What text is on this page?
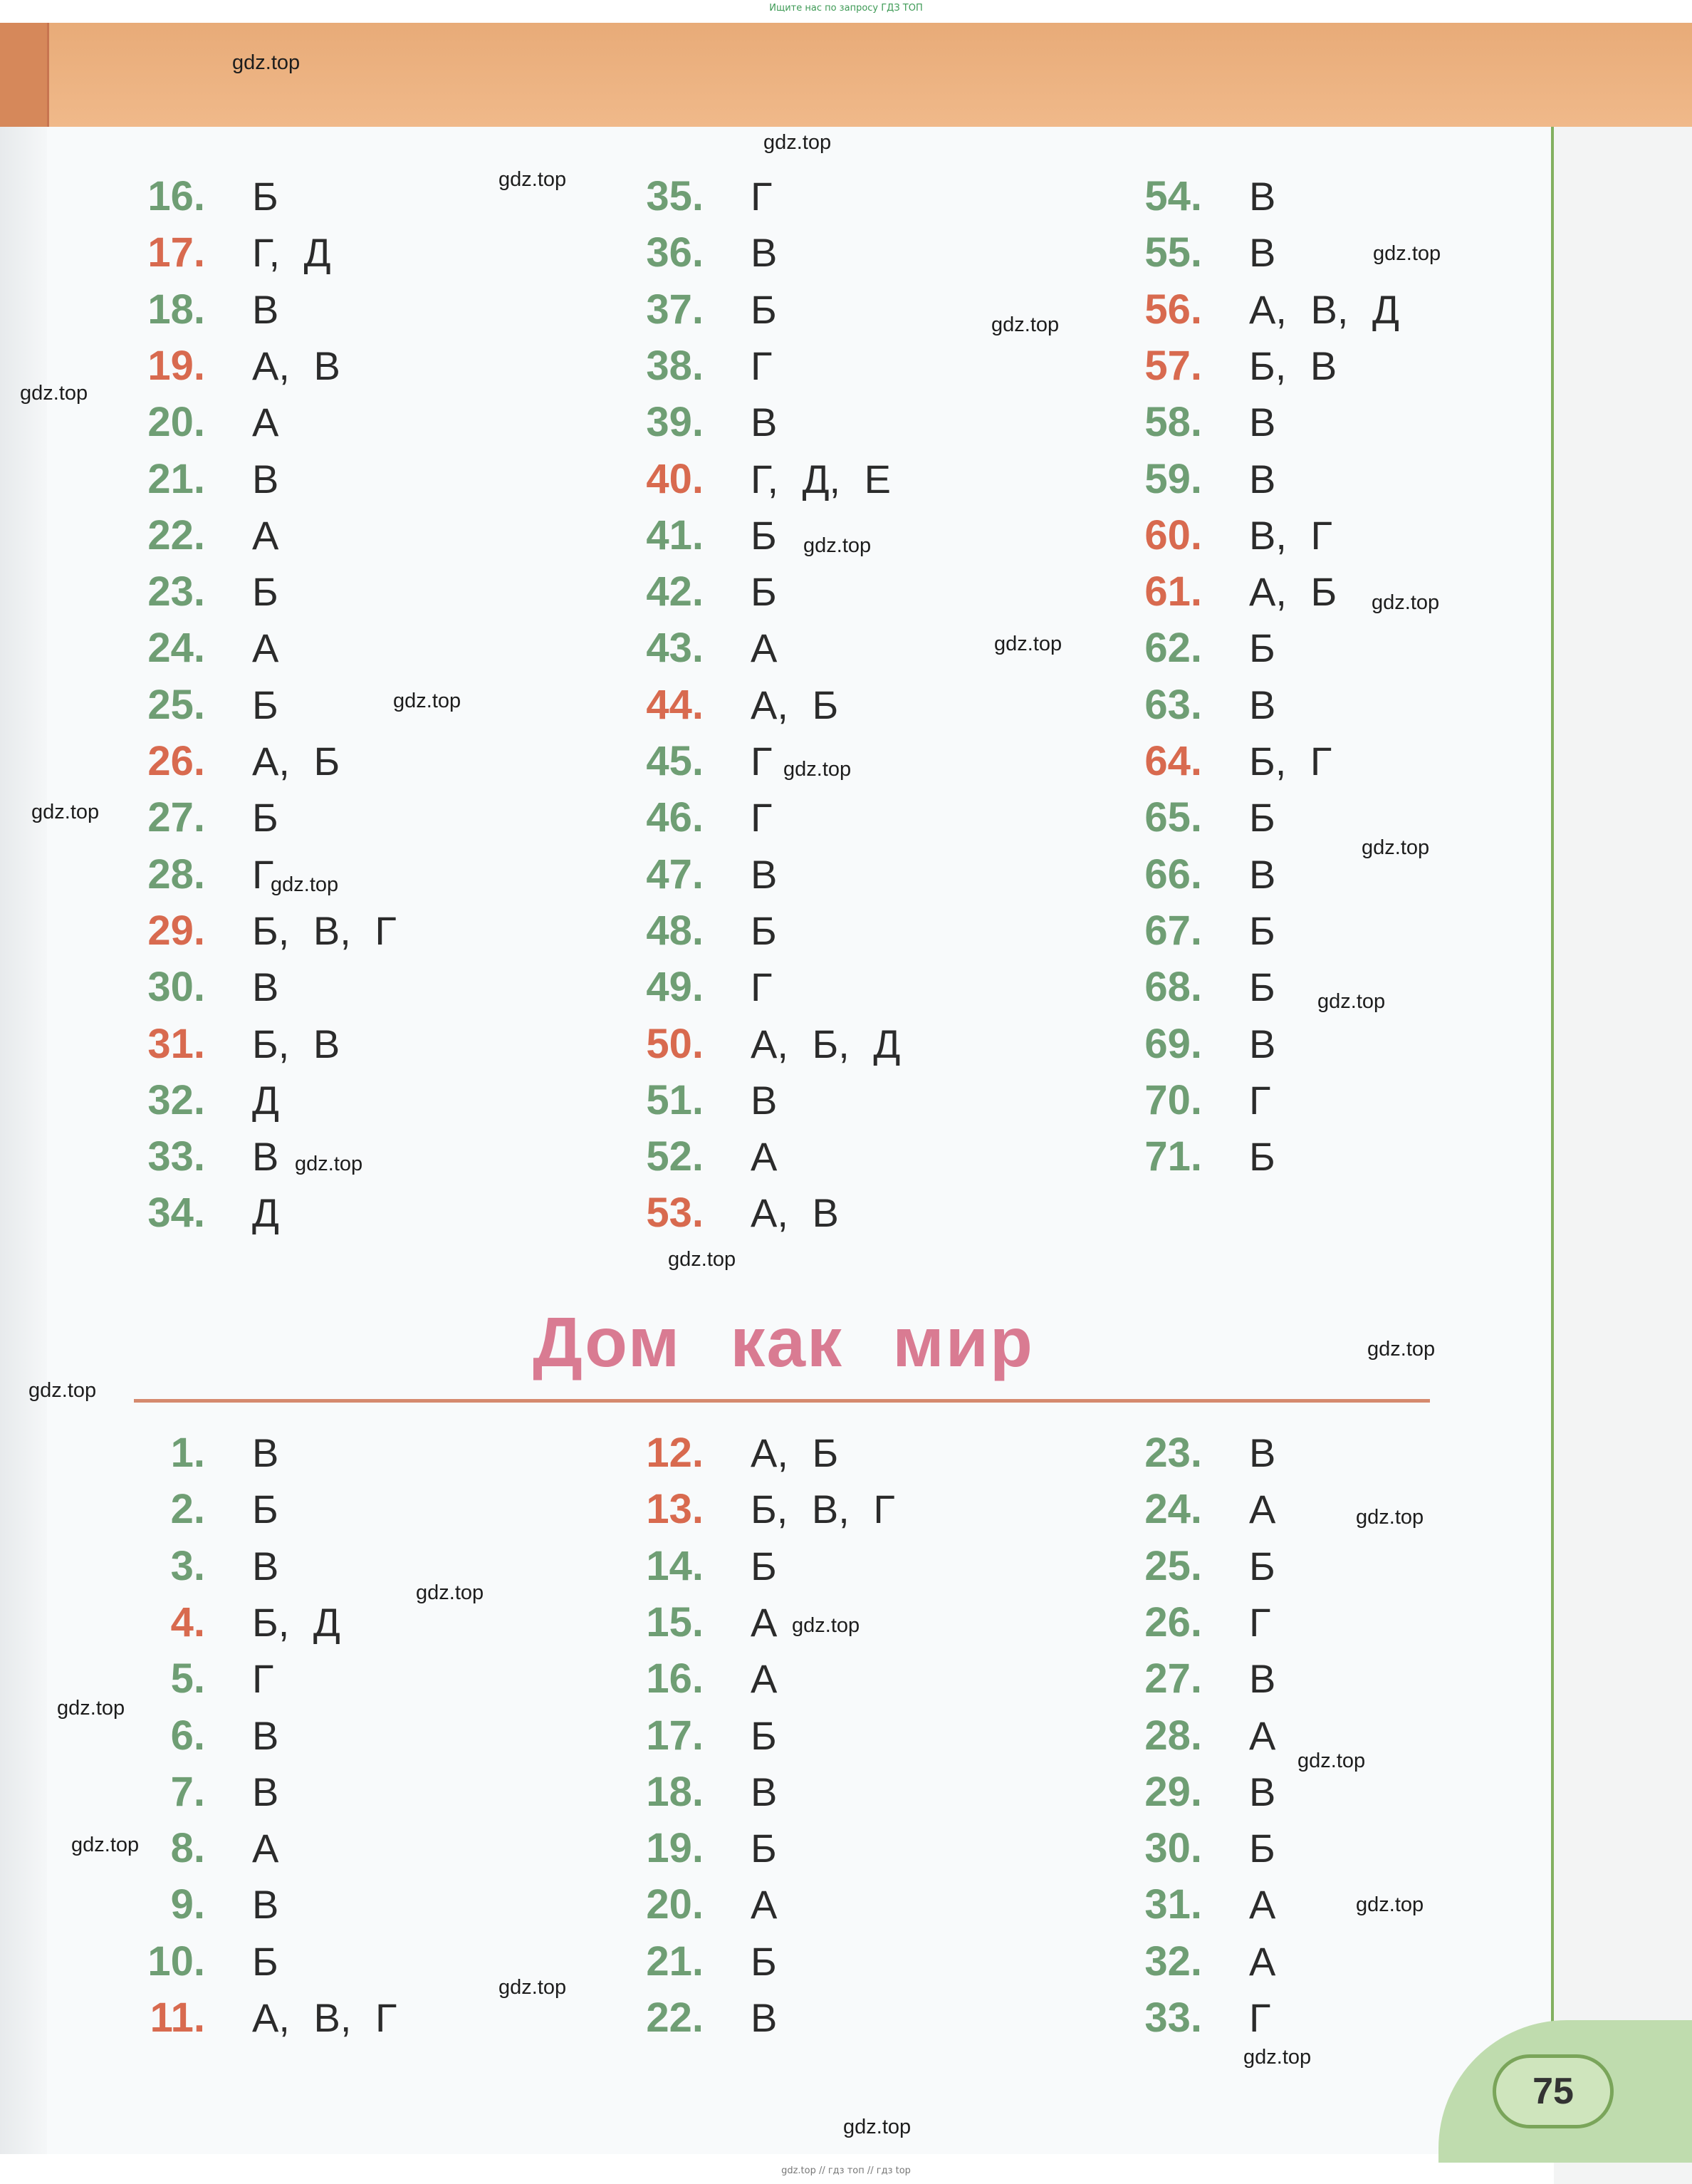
Ищите нас по запросу ГДЗ ТОП
75
16. Б
17. Г, Д
18. В
19. А, В
20. А
21. В
22. А
23. Б
24. А
25. Б
26. А, Б
27. Б
28. Г
29. Б, В, Г
30. В
31. Б, В
32. Д
33. В
34. Д
35. Г
36. В
37. Б
38. Г
39. В
40. Г, Д, Е
41. Б
42. Б
43. А
44. А, Б
45. Г
46. Г
47. В
48. Б
49. Г
50. А, Б, Д
51. В
52. А
53. А, В
54. В
55. В
56. А, В, Д
57. Б, В
58. В
59. В
60. В, Г
61. А, Б
62. Б
63. В
64. Б, Г
65. Б
66. В
67. Б
68. Б
69. В
70. Г
71. Б
Дом как мир
1. В
2. Б
3. В
4. Б, Д
5. Г
6. В
7. В
8. А
9. В
10. Б
11. А, В, Г
12. А, Б
13. Б, В, Г
14. Б
15. А
16. А
17. Б
18. В
19. Б
20. А
21. Б
22. В
23. В
24. А
25. Б
26. Г
27. В
28. А
29. В
30. Б
31. А
32. А
33. Г
gdz.top
gdz.top
gdz.top
gdz.top
gdz.top
gdz.top
gdz.top
gdz.top
gdz.top
gdz.top
gdz.top
gdz.top
gdz.top
gdz.top
gdz.top
gdz.top
gdz.top
gdz.top
gdz.top
gdz.top
gdz.top
gdz.top
gdz.top
gdz.top
gdz.top
gdz.top
gdz.top
gdz.top
gdz.top
gdz.top // гдз топ // гдз top
